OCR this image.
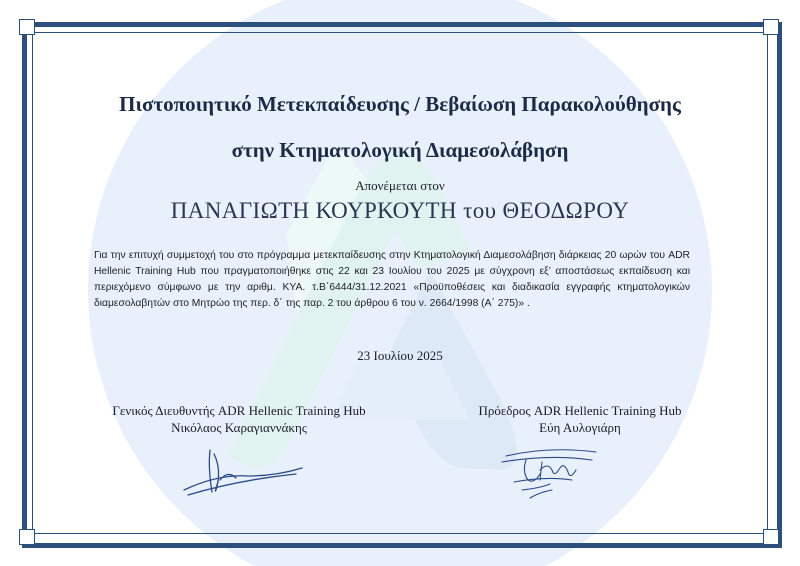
Πιστοποιητικό Μετεκπαίδευσης / Βεβαίωση Παρακολούθησης
στην Κτηματολογική Διαμεσολάβηση
Απονέμεται στον
ΠΑΝΑΓΙΩΤΗ ΚΟΥΡΚΟΥΤΗ του ΘΕΟΔΩΡΟΥ
Για την επιτυχή συμμετοχή του στο πρόγραμμα μετεκπαίδευσης στην Κτηματολογική Διαμεσολάβηση διάρκειας 20 ωρών του ADR Hellenic Training Hub που πραγματοποιήθηκε στις 22 και 23 Ιουλίου του 2025 με σύγχρονη εξ’ αποστάσεως εκπαίδευση και περιεχόμενο σύμφωνο με την αριθμ. ΚΥΑ. τ.Β΄6444/31.12.2021 «Προϋποθέσεις και διαδικασία εγγραφής κτηματολογικών διαμεσολαβητών στο Μητρώο της περ. δ΄ της παρ. 2 του άρθρου 6 του ν. 2664/1998 (Α΄ 275)» .
23 Ιουλίου 2025
Γενικός Διευθυντής ADR Hellenic Training Hub
Νικόλαος Καραγιαννάκης
Πρόεδρος ADR Hellenic Training Hub
Εύη Αυλογιάρη
